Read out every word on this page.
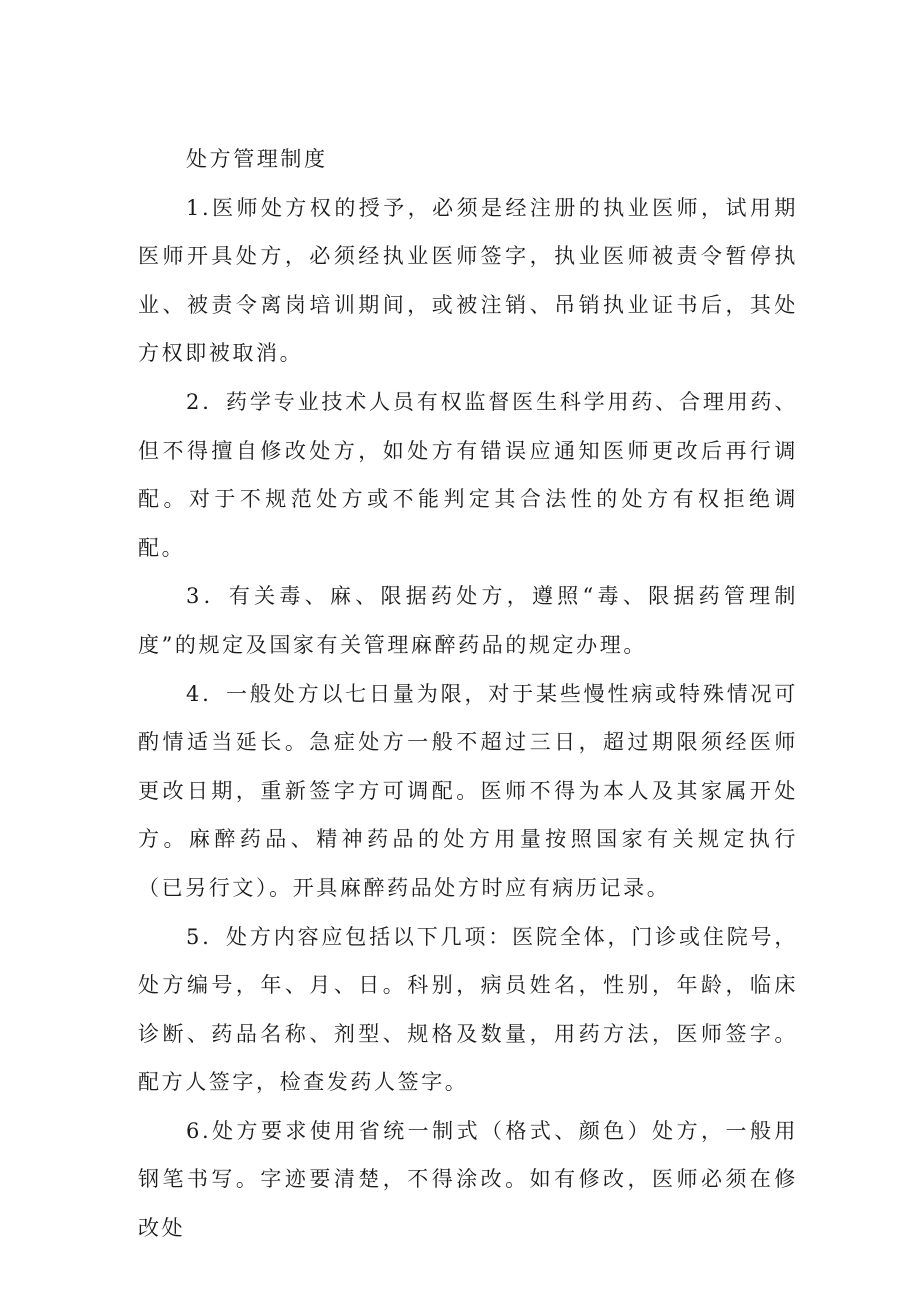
处方管理制度

1.医师处方权的授予，必须是经注册的执业医师，试用期医师开具处方，必须经执业医师签字，执业医师被责令暂停执业、被责令离岗培训期间，或被注销、吊销执业证书后，其处方权即被取消。

2．药学专业技术人员有权监督医生科学用药、合理用药、但不得擅自修改处方，如处方有错误应通知医师更改后再行调配。对于不规范处方或不能判定其合法性的处方有权拒绝调配。

3．有关毒、麻、限据药处方，遵照“毒、限据药管理制度”的规定及国家有关管理麻醉药品的规定办理。

4．一般处方以七日量为限，对于某些慢性病或特殊情况可酌情适当延长。急症处方一般不超过三日，超过期限须经医师更改日期，重新签字方可调配。医师不得为本人及其家属开处方。麻醉药品、精神药品的处方用量按照国家有关规定执行（已另行文）。开具麻醉药品处方时应有病历记录。

5．处方内容应包括以下几项：医院全体，门诊或住院号，处方编号，年、月、日。科别，病员姓名，性别，年龄，临床诊断、药品名称、剂型、规格及数量，用药方法，医师签字。配方人签字，检查发药人签字。

6.处方要求使用省统一制式（格式、颜色）处方，一般用钢笔书写。字迹要清楚，不得涂改。如有修改，医师必须在修改处
